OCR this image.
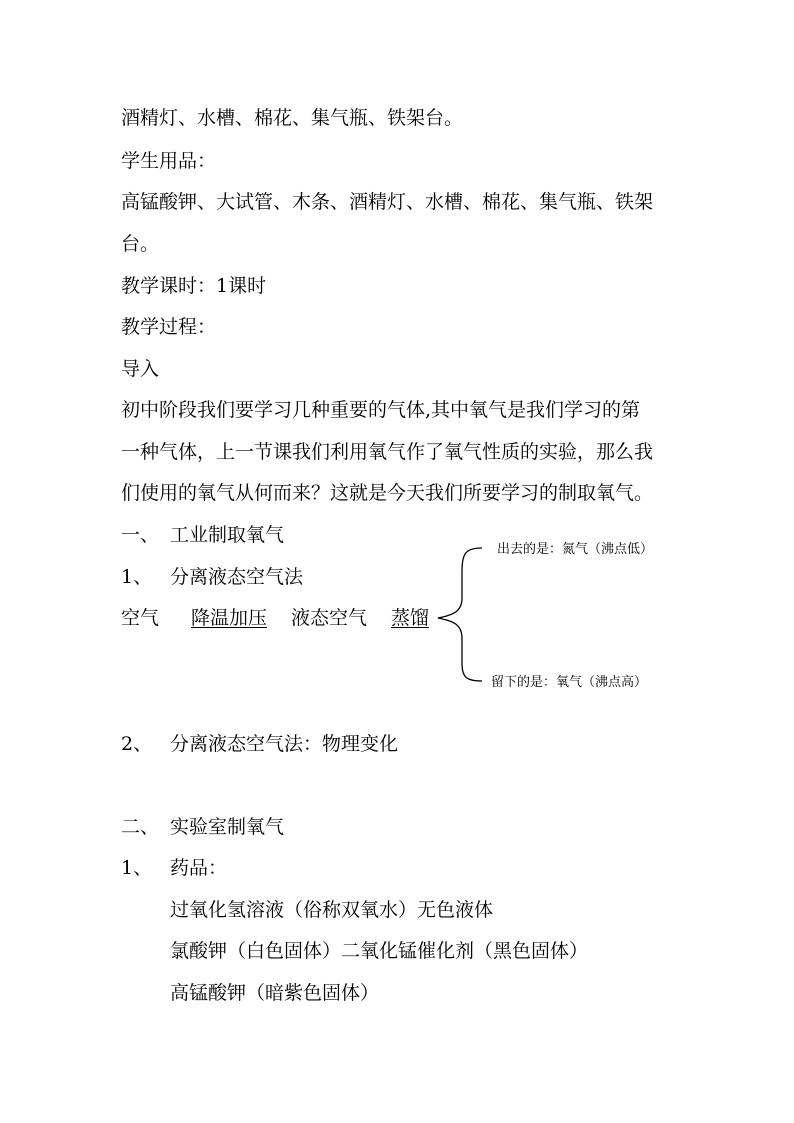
酒精灯、水槽、棉花、集气瓶、铁架台。
学生用品：
高锰酸钾、大试管、木条、酒精灯、水槽、棉花、集气瓶、铁架
台。
教学课时：1课时
教学过程：
导入
初中阶段我们要学习几种重要的气体,其中氧气是我们学习的第
一种气体，上一节课我们利用氧气作了氧气性质的实验，那么我
们使用的氧气从何而来？这就是今天我们所要学习的制取氧气。
一、 工业制取氧气
1、 分离液态空气法
空气 降温加压 液态空气 蒸馏
出去的是：氮气（沸点低）
留下的是：氧气（沸点高）
2、 分离液态空气法：物理变化
二、 实验室制氧气
1、 药品：
过氧化氢溶液（俗称双氧水）无色液体
氯酸钾（白色固体）二氧化锰催化剂（黑色固体）
高锰酸钾（暗紫色固体）
